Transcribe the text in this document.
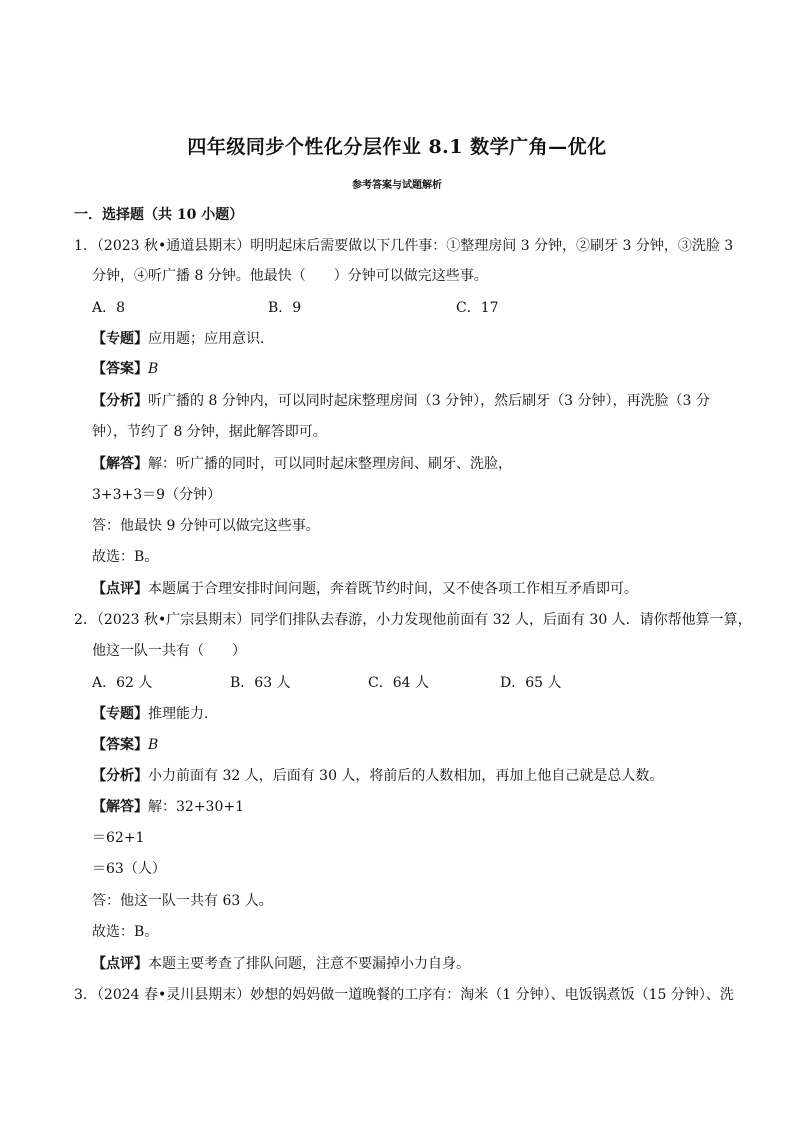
四年级同步个性化分层作业 8.1 数学广角—优化
参考答案与试题解析
一．选择题（共 10 小题）
1．（2023 秋•通道县期末）明明起床后需要做以下几件事：①整理房间 3 分钟，②刷牙 3 分钟，③洗脸 3
分钟，④听广播 8 分钟。他最快（　　）分钟可以做完这些事。
A．8	B．9	C．17
【专题】应用题；应用意识．
【答案】B
【分析】听广播的 8 分钟内，可以同时起床整理房间（3 分钟），然后刷牙（3 分钟），再洗脸（3 分
钟），节约了 8 分钟，据此解答即可。
【解答】解：听广播的同时，可以同时起床整理房间、刷牙、洗脸，
3+3+3＝9（分钟）
答：他最快 9 分钟可以做完这些事。
故选：B。
【点评】本题属于合理安排时间问题，奔着既节约时间，又不使各项工作相互矛盾即可。
2．（2023 秋•广宗县期末）同学们排队去春游，小力发现他前面有 32 人，后面有 30 人．请你帮他算一算，
他这一队一共有（　　）
A．62 人	B．63 人	C．64 人	D．65 人
【专题】推理能力．
【答案】B
【分析】小力前面有 32 人，后面有 30 人，将前后的人数相加，再加上他自己就是总人数。
【解答】解：32+30+1
＝62+1
＝63（人）
答：他这一队一共有 63 人。
故选：B。
【点评】本题主要考查了排队问题，注意不要漏掉小力自身。
3．（2024 春•灵川县期末）妙想的妈妈做一道晚餐的工序有：淘米（1 分钟）、电饭锅煮饭（15 分钟）、洗
